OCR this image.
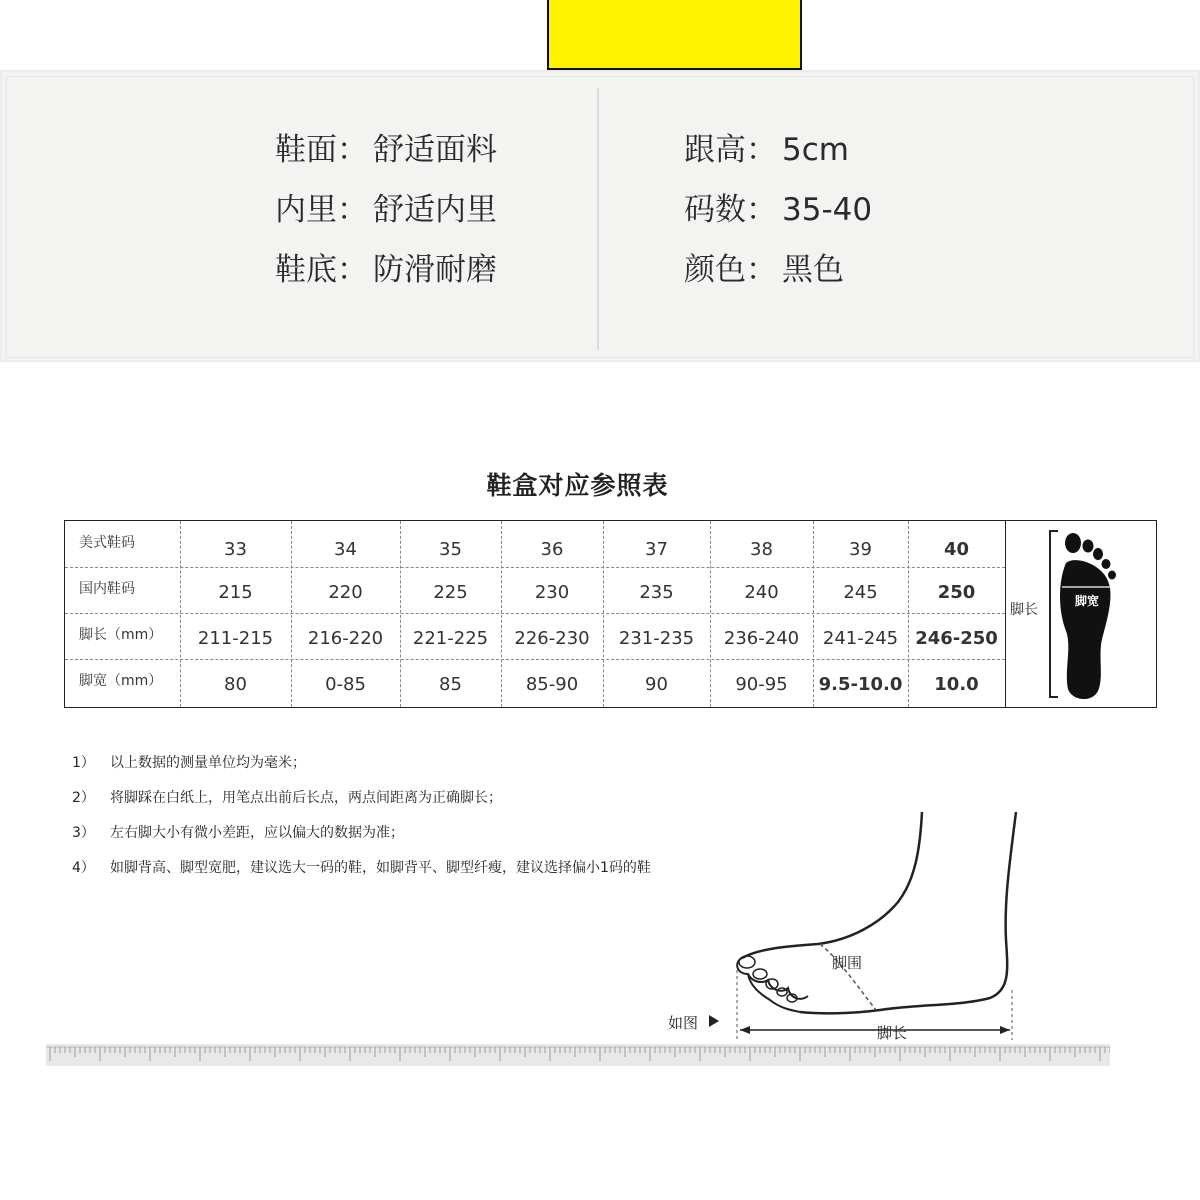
鞋面： 舒适面料
内里： 舒适内里
鞋底： 防滑耐磨
跟高： 5cm
码数： 35-40
颜色： 黑色
鞋盒对应参照表
脚长
脚宽
美式鞋码	33	34	35	36	37	38	39	40
国内鞋码	215	220	225	230	235	240	245	250
脚长（mm）	211-215	216-220	221-225	226-230	231-235	236-240	241-245 246-250
脚宽（mm）	80	0-85	85	85-90	90	90-95	9.5-10.0	10.0
1） 以上数据的测量单位均为毫米；
2） 将脚踩在白纸上，用笔点出前后长点，两点间距离为正确脚长；
3） 左右脚大小有微小差距，应以偏大的数据为准；
4） 如脚背高、脚型宽肥，建议选大一码的鞋，如脚背平、脚型纤瘦，建议选择偏小1码的鞋
脚围
脚长
如图
